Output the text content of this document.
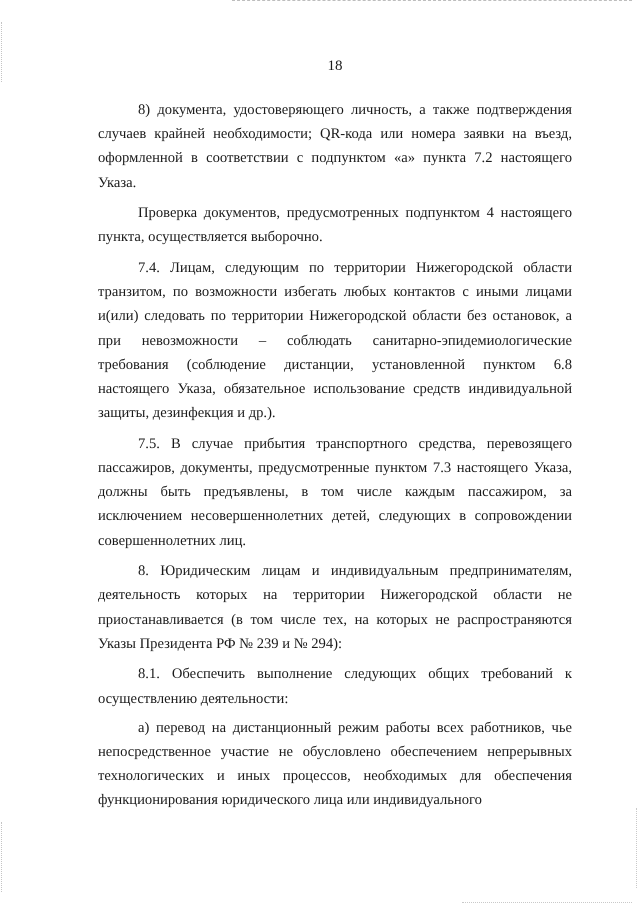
18

8) документа, удостоверяющего личность, а также подтверждения случаев крайней необходимости; QR-кода или номера заявки на въезд, оформленной в соответствии с подпунктом «а» пункта 7.2 настоящего Указа.

Проверка документов, предусмотренных подпунктом 4 настоящего пункта, осуществляется выборочно.

7.4. Лицам, следующим по территории Нижегородской области транзитом, по возможности избегать любых контактов с иными лицами и(или) следовать по территории Нижегородской области без остановок, а при невозможности – соблюдать санитарно-эпидемиологические требования (соблюдение дистанции, установленной пунктом 6.8 настоящего Указа, обязательное использование средств индивидуальной защиты, дезинфекция и др.).

7.5. В случае прибытия транспортного средства, перевозящего пассажиров, документы, предусмотренные пунктом 7.3 настоящего Указа, должны быть предъявлены, в том числе каждым пассажиром, за исключением несовершеннолетних детей, следующих в сопровождении совершеннолетних лиц.

8. Юридическим лицам и индивидуальным предпринимателям, деятельность которых на территории Нижегородской области не приостанавливается (в том числе тех, на которых не распространяются Указы Президента РФ № 239 и № 294):

8.1. Обеспечить выполнение следующих общих требований к осуществлению деятельности:

а) перевод на дистанционный режим работы всех работников, чье непосредственное участие не обусловлено обеспечением непрерывных технологических и иных процессов, необходимых для обеспечения функционирования юридического лица или индивидуального
